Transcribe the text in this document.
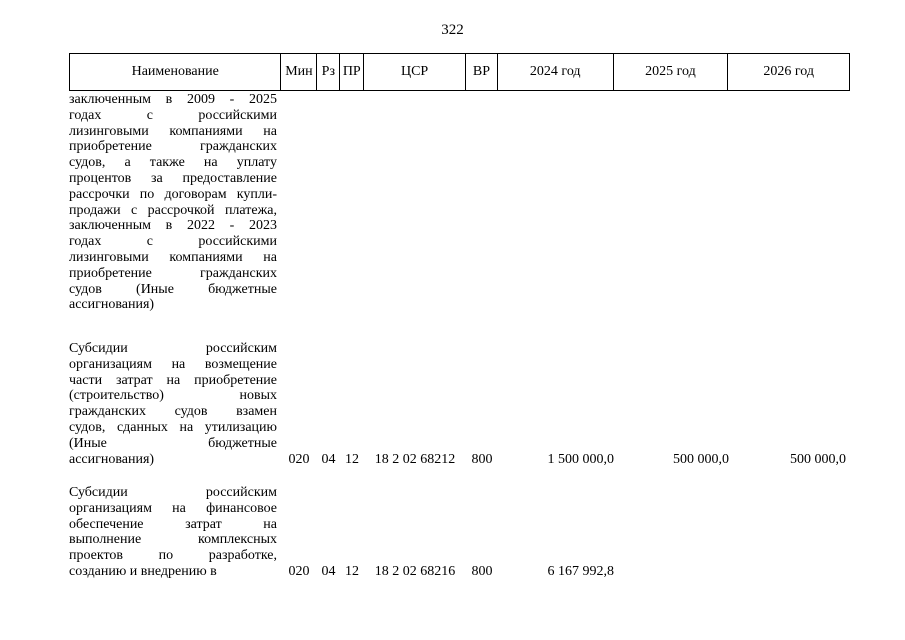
322
Наименование	Мин Рз ПР	ЦСР	ВР	2024 год	2025 год	2026 год
заключенным в 2009 - 2025
годах с российскими
лизинговыми компаниями на
приобретение гражданских
судов, а также на уплату
процентов за предоставление
рассрочки по договорам купли-
продажи с рассрочкой платежа,
заключенным в 2022 - 2023
годах с российскими
лизинговыми компаниями на
приобретение гражданских
судов (Иные бюджетные
ассигнования)
Субсидии российским
организациям на возмещение
части затрат на приобретение
(строительство) новых
гражданских судов взамен
судов, сданных на утилизацию
(Иные бюджетные
ассигнования)	020 04 12	18 2 02 68212	800	1 500 000,0	500 000,0	500 000,0
Субсидии российским
организациям на финансовое
обеспечение затрат на
выполнение комплексных
проектов по разработке,
созданию и внедрению в	020 04 12	18 2 02 68216	800	6 167 992,8
